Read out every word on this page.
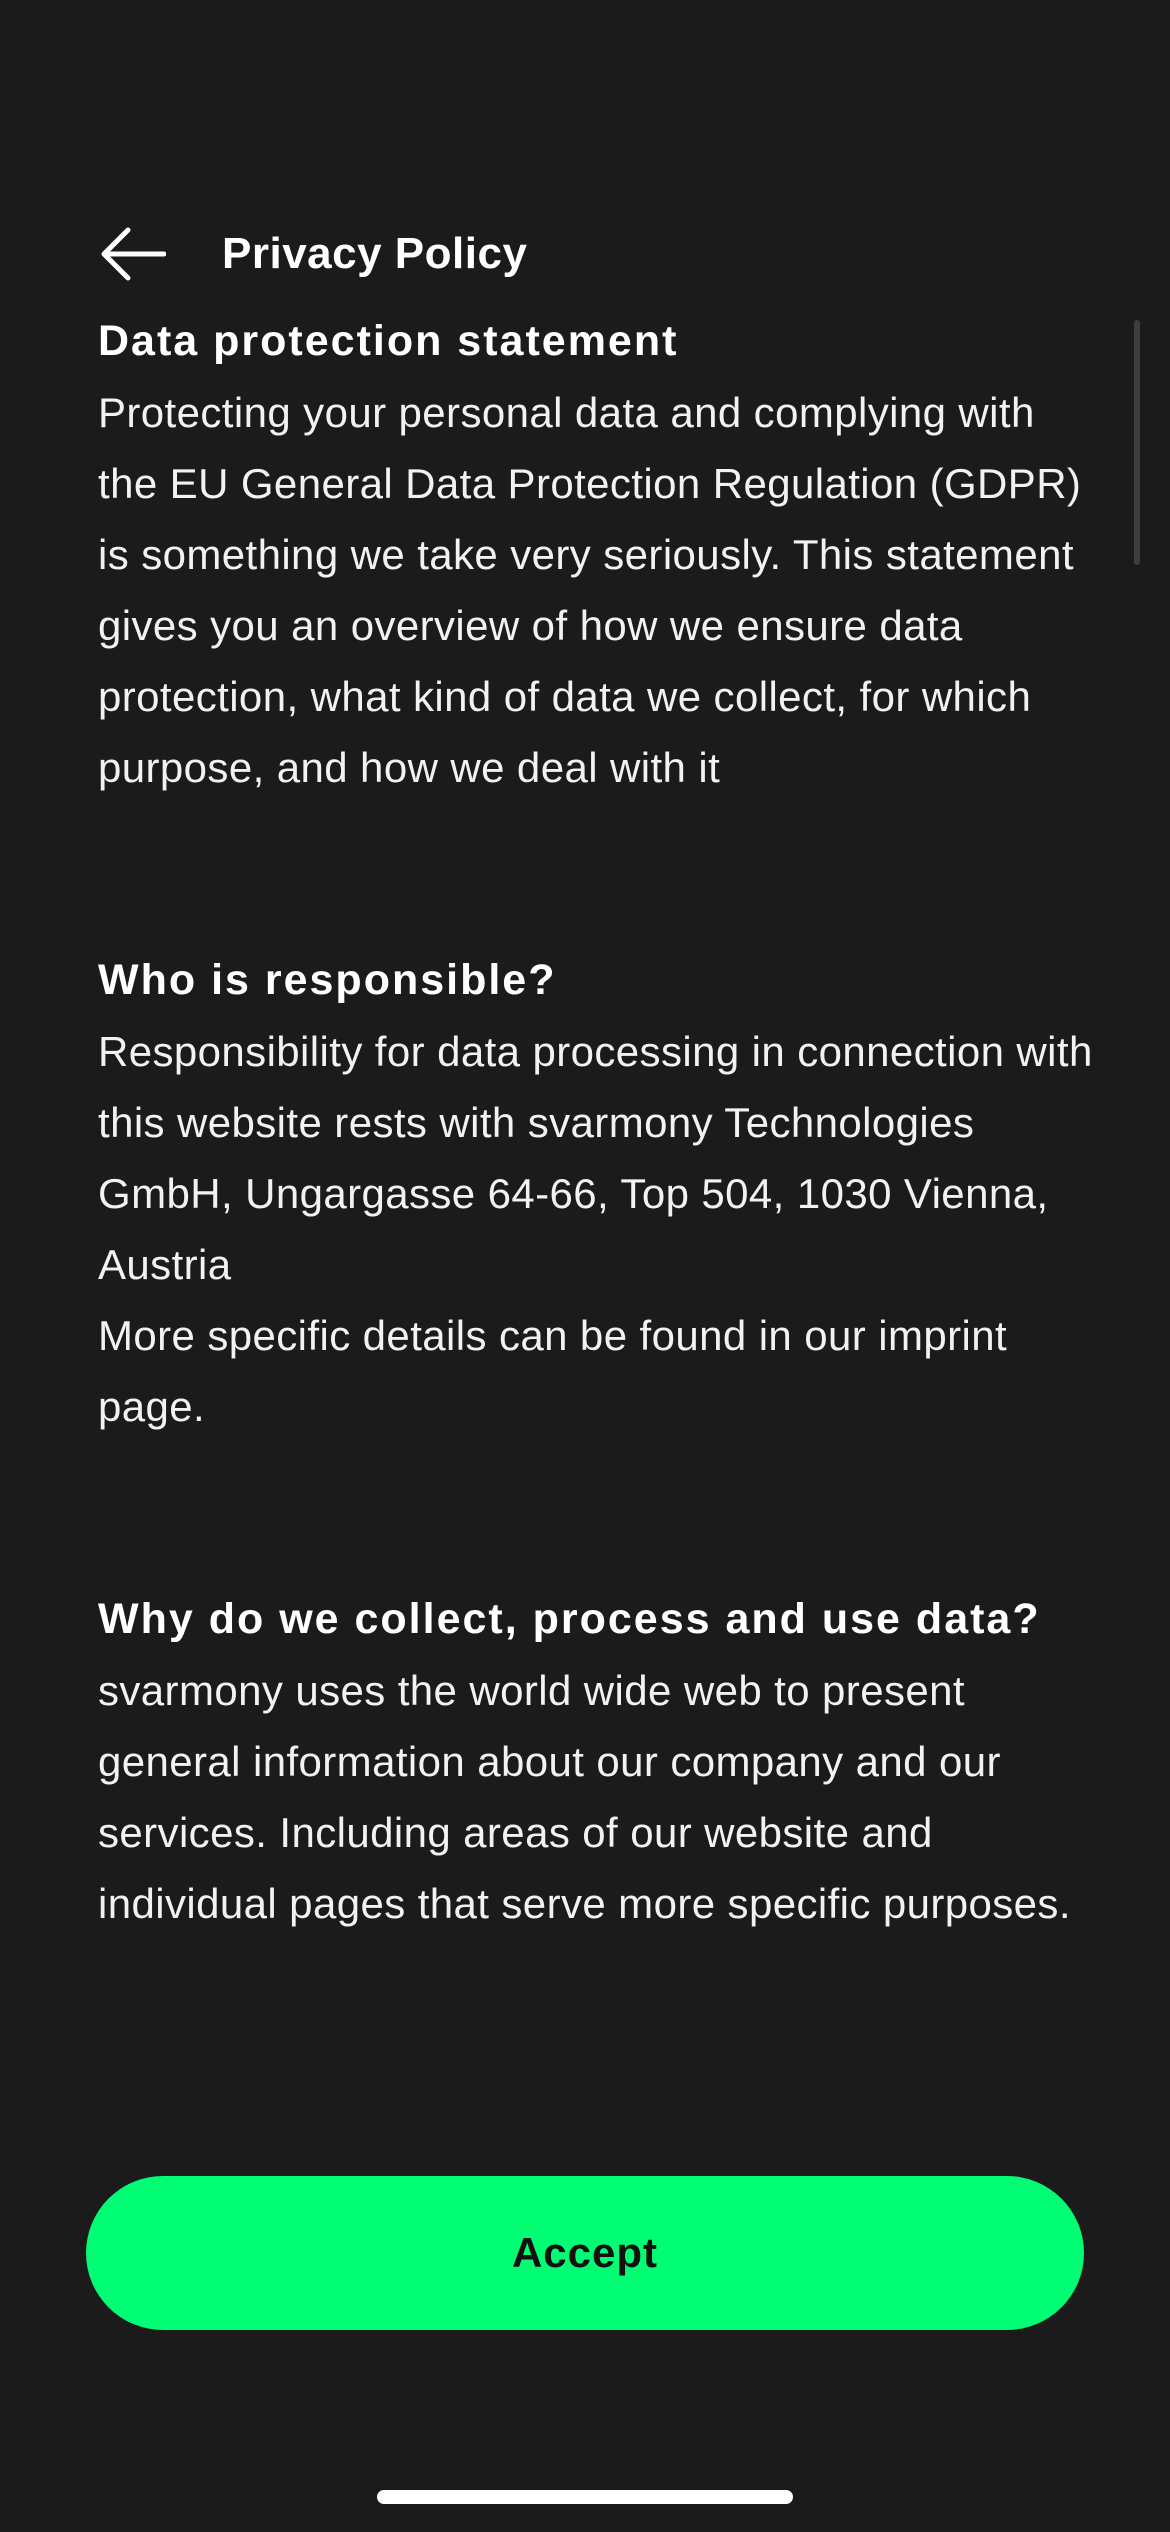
Privacy Policy
Data protection statement
Protecting your personal data and complying with the EU General Data Protection Regulation (GDPR) is something we take very seriously. This statement gives you an overview of how we ensure data protection, what kind of data we collect, for which purpose, and how we deal with it
Who is responsible?
Responsibility for data processing in connection with this website rests with svarmony Technologies GmbH, Ungargasse 64-66, Top 504, 1030 Vienna, Austria
More specific details can be found in our imprint page.
Why do we collect, process and use data?
svarmony uses the world wide web to present general information about our company and our services. Including areas of our website and individual pages that serve more specific purposes.
Accept
